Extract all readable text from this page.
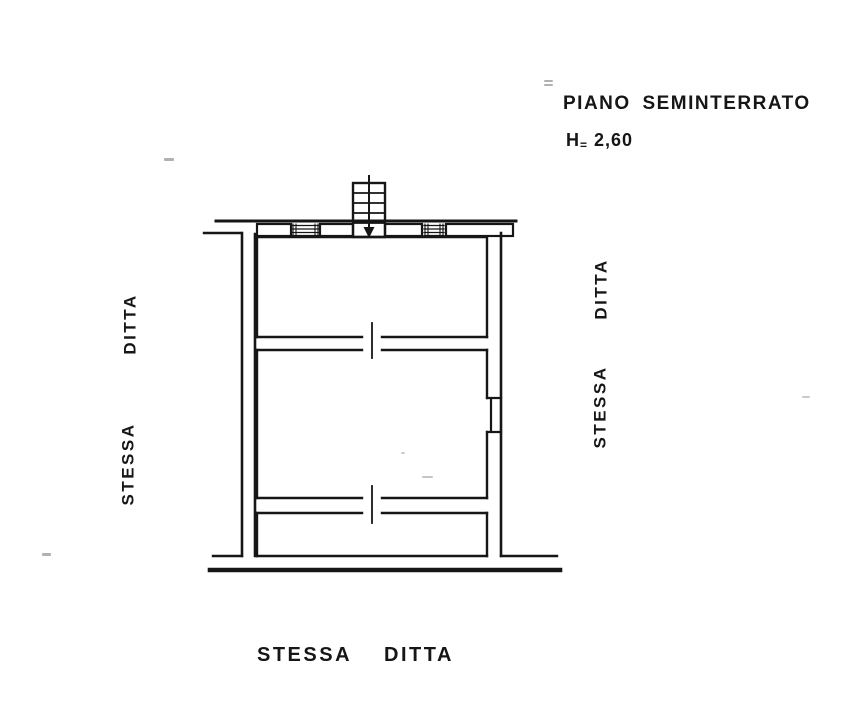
PIANO SEMINTERRATO
H= 2,60
DITTA
STESSA
DITTA
STESSA
STESSA DITTA
